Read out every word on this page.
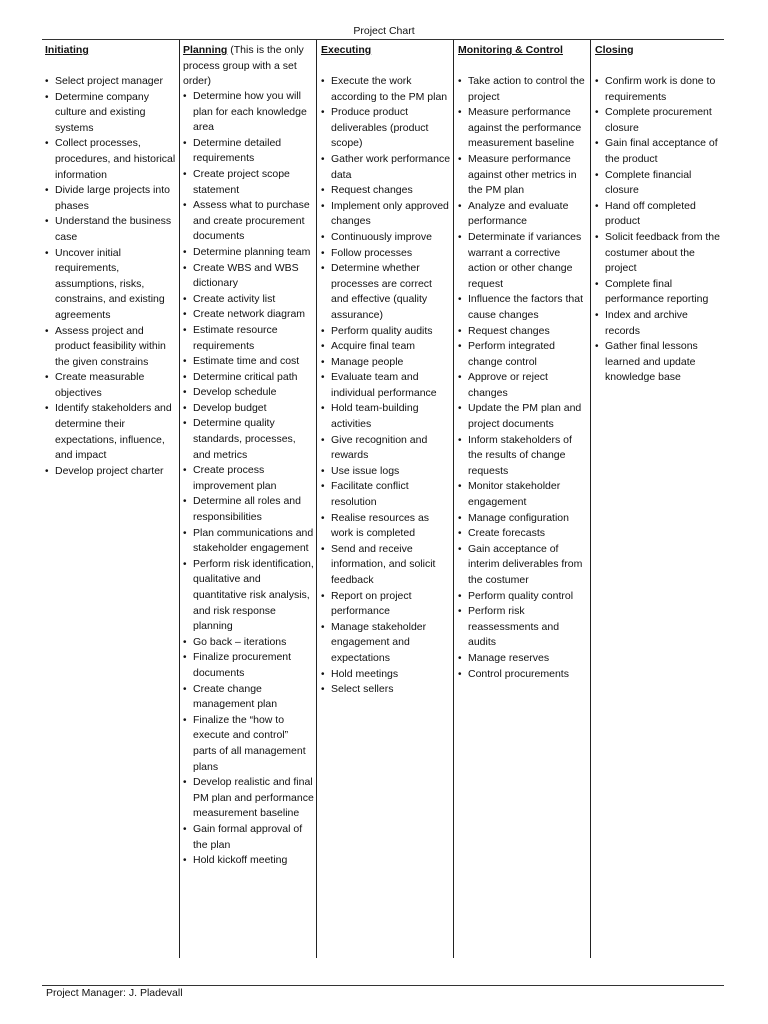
Project Chart
Initiating
• Select project manager
• Determine company culture and existing systems
• Collect processes, procedures, and historical information
• Divide large projects into phases
• Understand the business case
• Uncover initial requirements, assumptions, risks, constrains, and existing agreements
• Assess project and product feasibility within the given constrains
• Create measurable objectives
• Identify stakeholders and determine their expectations, influence, and impact
• Develop project charter
Planning (This is the only process group with a set order)
• Determine how you will plan for each knowledge area
• Determine detailed requirements
• Create project scope statement
• Assess what to purchase and create procurement documents
• Determine planning team
• Create WBS and WBS dictionary
• Create activity list
• Create network diagram
• Estimate resource requirements
• Estimate time and cost
• Determine critical path
• Develop schedule
• Develop budget
• Determine quality standards, processes, and metrics
• Create process improvement plan
• Determine all roles and responsibilities
• Plan communications and stakeholder engagement
• Perform risk identification, qualitative and quantitative risk analysis, and risk response planning
• Go back – iterations
• Finalize procurement documents
• Create change management plan
• Finalize the “how to execute and control” parts of all management plans
• Develop realistic and final PM plan and performance measurement baseline
• Gain formal approval of the plan
• Hold kickoff meeting
Executing
• Execute the work according to the PM plan
• Produce product deliverables (product scope)
• Gather work performance data
• Request changes
• Implement only approved changes
• Continuously improve
• Follow processes
• Determine whether processes are correct and effective (quality assurance)
• Perform quality audits
• Acquire final team
• Manage people
• Evaluate team and individual performance
• Hold team-building activities
• Give recognition and rewards
• Use issue logs
• Facilitate conflict resolution
• Realise resources as work is completed
• Send and receive information, and solicit feedback
• Report on project performance
• Manage stakeholder engagement and expectations
• Hold meetings
• Select sellers
Monitoring & Control
• Take action to control the project
• Measure performance against the performance measurement baseline
• Measure performance against other metrics in the PM plan
• Analyze and evaluate performance
• Determinate if variances warrant a corrective action or other change request
• Influence the factors that cause changes
• Request changes
• Perform integrated change control
• Approve or reject changes
• Update the PM plan and project documents
• Inform stakeholders of the results of change requests
• Monitor stakeholder engagement
• Manage configuration
• Create forecasts
• Gain acceptance of interim deliverables from the costumer
• Perform quality control
• Perform risk reassessments and audits
• Manage reserves
• Control procurements
Closing
• Confirm work is done to requirements
• Complete procurement closure
• Gain final acceptance of the product
• Complete financial closure
• Hand off completed product
• Solicit feedback from the costumer about the project
• Complete final performance reporting
• Index and archive records
• Gather final lessons learned and update knowledge base
Project Manager: J. Pladevall
